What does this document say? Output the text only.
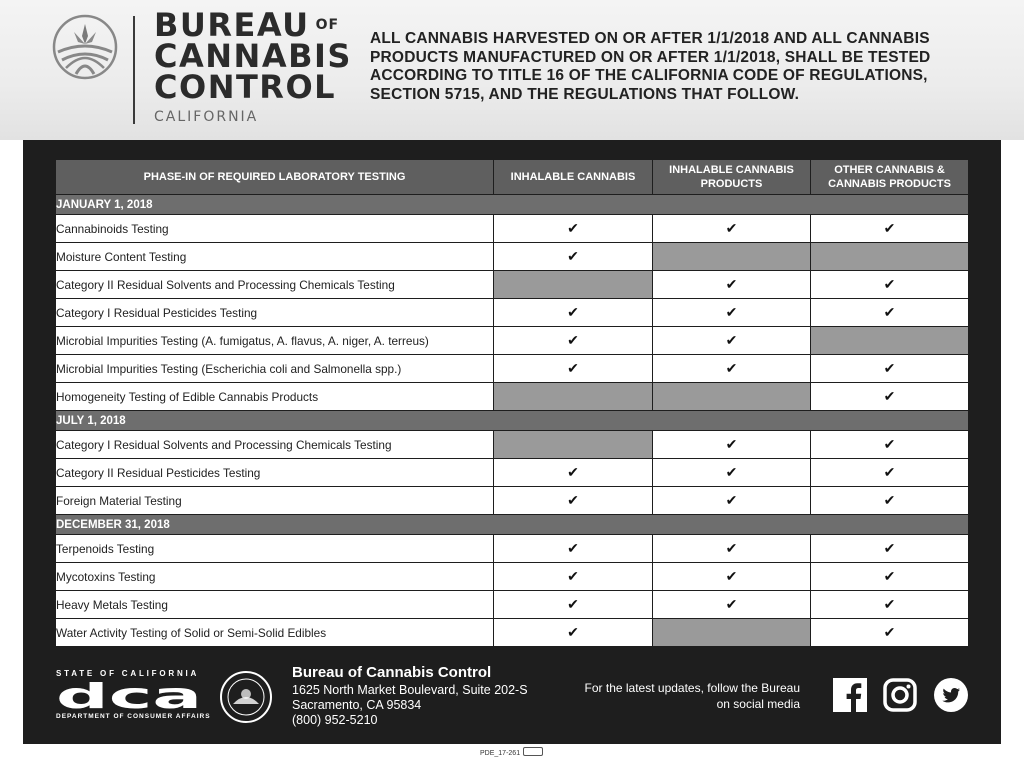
BUREAU $^{OF}$
CANNABIS
CONTROL
CALIFORNIA
ALL CANNABIS HARVESTED ON OR AFTER 1/1/2018 AND ALL CANNABIS PRODUCTS MANUFACTURED ON OR AFTER 1/1/2018, SHALL BE TESTED ACCORDING TO TITLE 16 OF THE CALIFORNIA CODE OF REGULATIONS, SECTION 5715, AND THE REGULATIONS THAT FOLLOW.
PHASE-IN OF REQUIRED LABORATORY TESTING	INHALABLE CANNABIS	INHALABLE CANNABIS PRODUCTS	OTHER CANNABIS & CANNABIS PRODUCTS
JANUARY 1, 2018			
Cannabinoids Testing	✔	✔	✔
Moisture Content Testing	✔		
Category II Residual Solvents and Processing Chemicals Testing		✔	✔
Category I Residual Pesticides Testing	✔	✔	✔
Microbial Impurities Testing (A. fumigatus, A. flavus, A. niger, A. terreus)	✔	✔	
Microbial Impurities Testing (Escherichia coli and Salmonella spp.)	✔	✔	✔
Homogeneity Testing of Edible Cannabis Products			✔
JULY 1, 2018			
Category I Residual Solvents and Processing Chemicals Testing		✔	✔
Category II Residual Pesticides Testing	✔	✔	✔
Foreign Material Testing	✔	✔	✔
DECEMBER 31, 2018			
Terpenoids Testing	✔	✔	✔
Mycotoxins Testing	✔	✔	✔
Heavy Metals Testing	✔	✔	✔
Water Activity Testing of Solid or Semi-Solid Edibles	✔		✔
STATE OF CALIFORNIA
dca
DEPARTMENT OF CONSUMER AFFAIRS
Bureau of Cannabis Control
1625 North Market Boulevard, Suite 202-S
Sacramento, CA 95834
(800) 952-5210
For the latest updates, follow the Bureau on social media
PDE_17-261
